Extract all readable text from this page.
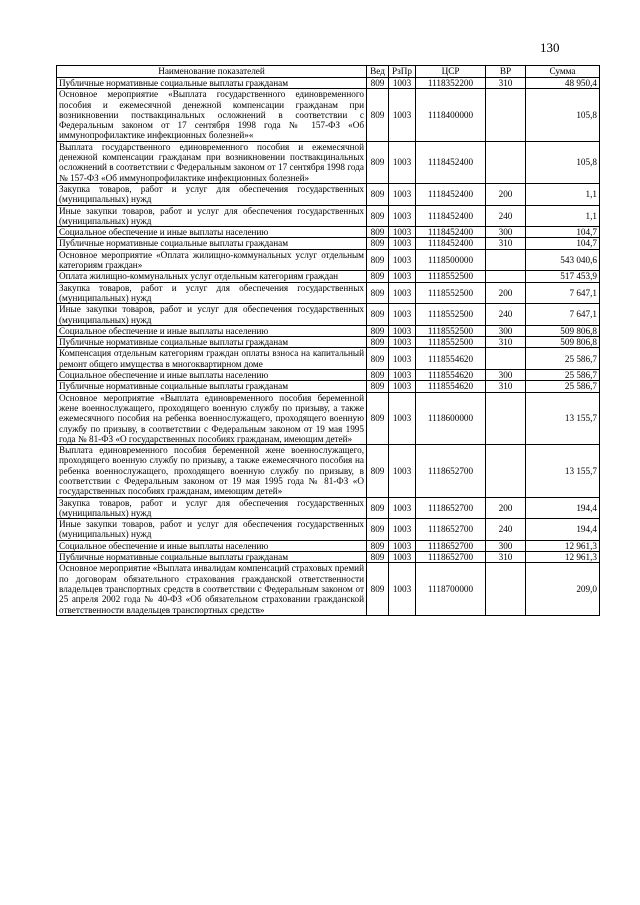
130
Наименование показателей	Вед	РзПр	ЦСР	ВР	Сумма
Публичные нормативные социальные выплаты гражданам	809	1003	1118352200	310	48 950,4
Основное мероприятие «Выплата государственного единовременного пособия и ежемесячной денежной компенсации гражданам при возникновении поствакцинальных осложнений в соответствии с Федеральным законом от 17 сентября 1998 года № 157-ФЗ «Об иммунопрофилактике инфекционных болезней»«	809	1003	1118400000		105,8
Выплата государственного единовременного пособия и ежемесячной денежной компенсации гражданам при возникновении поствакцинальных осложнений в соответствии с Федеральным законом от 17 сентября 1998 года № 157-ФЗ «Об иммунопрофилактике инфекционных болезней»	809	1003	1118452400		105,8
Закупка товаров, работ и услуг для обеспечения государственных (муниципальных) нужд	809	1003	1118452400	200	1,1
Иные закупки товаров, работ и услуг для обеспечения государственных (муниципальных) нужд	809	1003	1118452400	240	1,1
Социальное обеспечение и иные выплаты населению	809	1003	1118452400	300	104,7
Публичные нормативные социальные выплаты гражданам	809	1003	1118452400	310	104,7
Основное мероприятие «Оплата жилищно-коммунальных услуг отдельным категориям граждан»	809	1003	1118500000		543 040,6
Оплата жилищно-коммунальных услуг отдельным категориям граждан	809	1003	1118552500		517 453,9
Закупка товаров, работ и услуг для обеспечения государственных (муниципальных) нужд	809	1003	1118552500	200	7 647,1
Иные закупки товаров, работ и услуг для обеспечения государственных (муниципальных) нужд	809	1003	1118552500	240	7 647,1
Социальное обеспечение и иные выплаты населению	809	1003	1118552500	300	509 806,8
Публичные нормативные социальные выплаты гражданам	809	1003	1118552500	310	509 806,8
Компенсация отдельным категориям граждан оплаты взноса на капитальный ремонт общего имущества в многоквартирном доме	809	1003	1118554620		25 586,7
Социальное обеспечение и иные выплаты населению	809	1003	1118554620	300	25 586,7
Публичные нормативные социальные выплаты гражданам	809	1003	1118554620	310	25 586,7
Основное мероприятие «Выплата единовременного пособия беременной жене военнослужащего, проходящего военную службу по призыву, а также ежемесячного пособия на ребенка военнослужащего, проходящего военную службу по призыву, в соответствии с Федеральным законом от 19 мая 1995 года № 81-ФЗ «О государственных пособиях гражданам, имеющим детей»	809	1003	1118600000		13 155,7
Выплата единовременного пособия беременной жене военнослужащего, проходящего военную службу по призыву, а также ежемесячного пособия на ребенка военнослужащего, проходящего военную службу по призыву, в соответствии с Федеральным законом от 19 мая 1995 года № 81-ФЗ «О государственных пособиях гражданам, имеющим детей»	809	1003	1118652700		13 155,7
Закупка товаров, работ и услуг для обеспечения государственных (муниципальных) нужд	809	1003	1118652700	200	194,4
Иные закупки товаров, работ и услуг для обеспечения государственных (муниципальных) нужд	809	1003	1118652700	240	194,4
Социальное обеспечение и иные выплаты населению	809	1003	1118652700	300	12 961,3
Публичные нормативные социальные выплаты гражданам	809	1003	1118652700	310	12 961,3
Основное мероприятие «Выплата инвалидам компенсаций страховых премий по договорам обязательного страхования гражданской ответственности владельцев транспортных средств в соответствии с Федеральным законом от 25 апреля 2002 года № 40-ФЗ «Об обязательном страховании гражданской ответственности владельцев транспортных средств»	809	1003	1118700000		209,0
